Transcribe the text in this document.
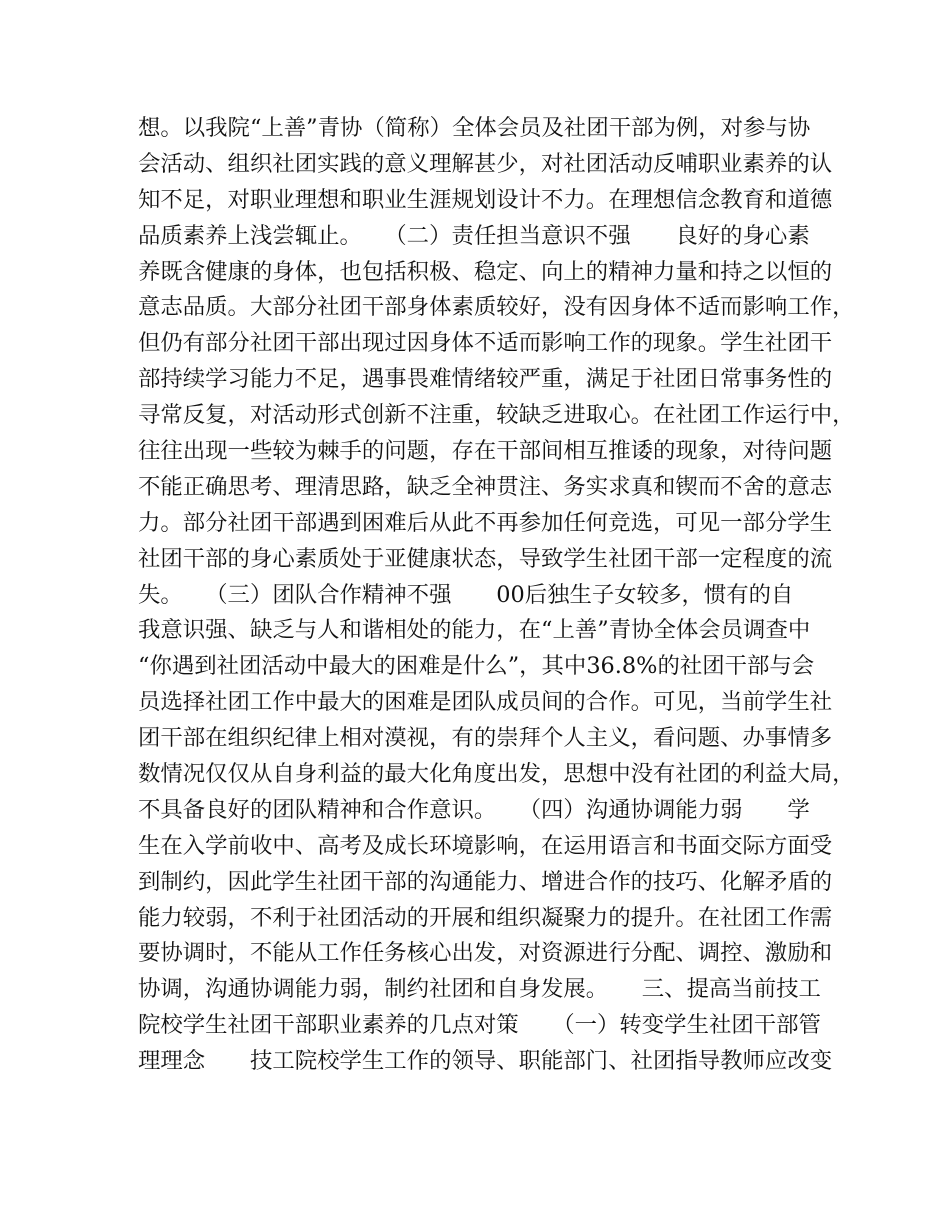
想。以我院“上善”青协（简称）全体会员及社团干部为例，对参与协
会活动、组织社团实践的意义理解甚少，对社团活动反哺职业素养的认
知不足，对职业理想和职业生涯规划设计不力。在理想信念教育和道德
品质素养上浅尝辄止。　　（二）责任担当意识不强　　良好的身心素
养既含健康的身体，也包括积极、稳定、向上的精神力量和持之以恒的
意志品质。大部分社团干部身体素质较好，没有因身体不适而影响工作，
但仍有部分社团干部出现过因身体不适而影响工作的现象。学生社团干
部持续学习能力不足，遇事畏难情绪较严重，满足于社团日常事务性的
寻常反复，对活动形式创新不注重，较缺乏进取心。在社团工作运行中，
往往出现一些较为棘手的问题，存在干部间相互推诿的现象，对待问题
不能正确思考、理清思路，缺乏全神贯注、务实求真和锲而不舍的意志
力。部分社团干部遇到困难后从此不再参加任何竞选，可见一部分学生
社团干部的身心素质处于亚健康状态，导致学生社团干部一定程度的流
失。　　（三）团队合作精神不强　　00后独生子女较多，惯有的自
我意识强、缺乏与人和谐相处的能力，在“上善”青协全体会员调查中
“你遇到社团活动中最大的困难是什么”，其中36.8%的社团干部与会
员选择社团工作中最大的困难是团队成员间的合作。可见，当前学生社
团干部在组织纪律上相对漠视，有的崇拜个人主义，看问题、办事情多
数情况仅仅从自身利益的最大化角度出发，思想中没有社团的利益大局，
不具备良好的团队精神和合作意识。　　（四）沟通协调能力弱　　学
生在入学前收中、高考及成长环境影响，在运用语言和书面交际方面受
到制约，因此学生社团干部的沟通能力、增进合作的技巧、化解矛盾的
能力较弱，不利于社团活动的开展和组织凝聚力的提升。在社团工作需
要协调时，不能从工作任务核心出发，对资源进行分配、调控、激励和
协调，沟通协调能力弱，制约社团和自身发展。　　三、提高当前技工
院校学生社团干部职业素养的几点对策　　（一）转变学生社团干部管
理理念　　技工院校学生工作的领导、职能部门、社团指导教师应改变
